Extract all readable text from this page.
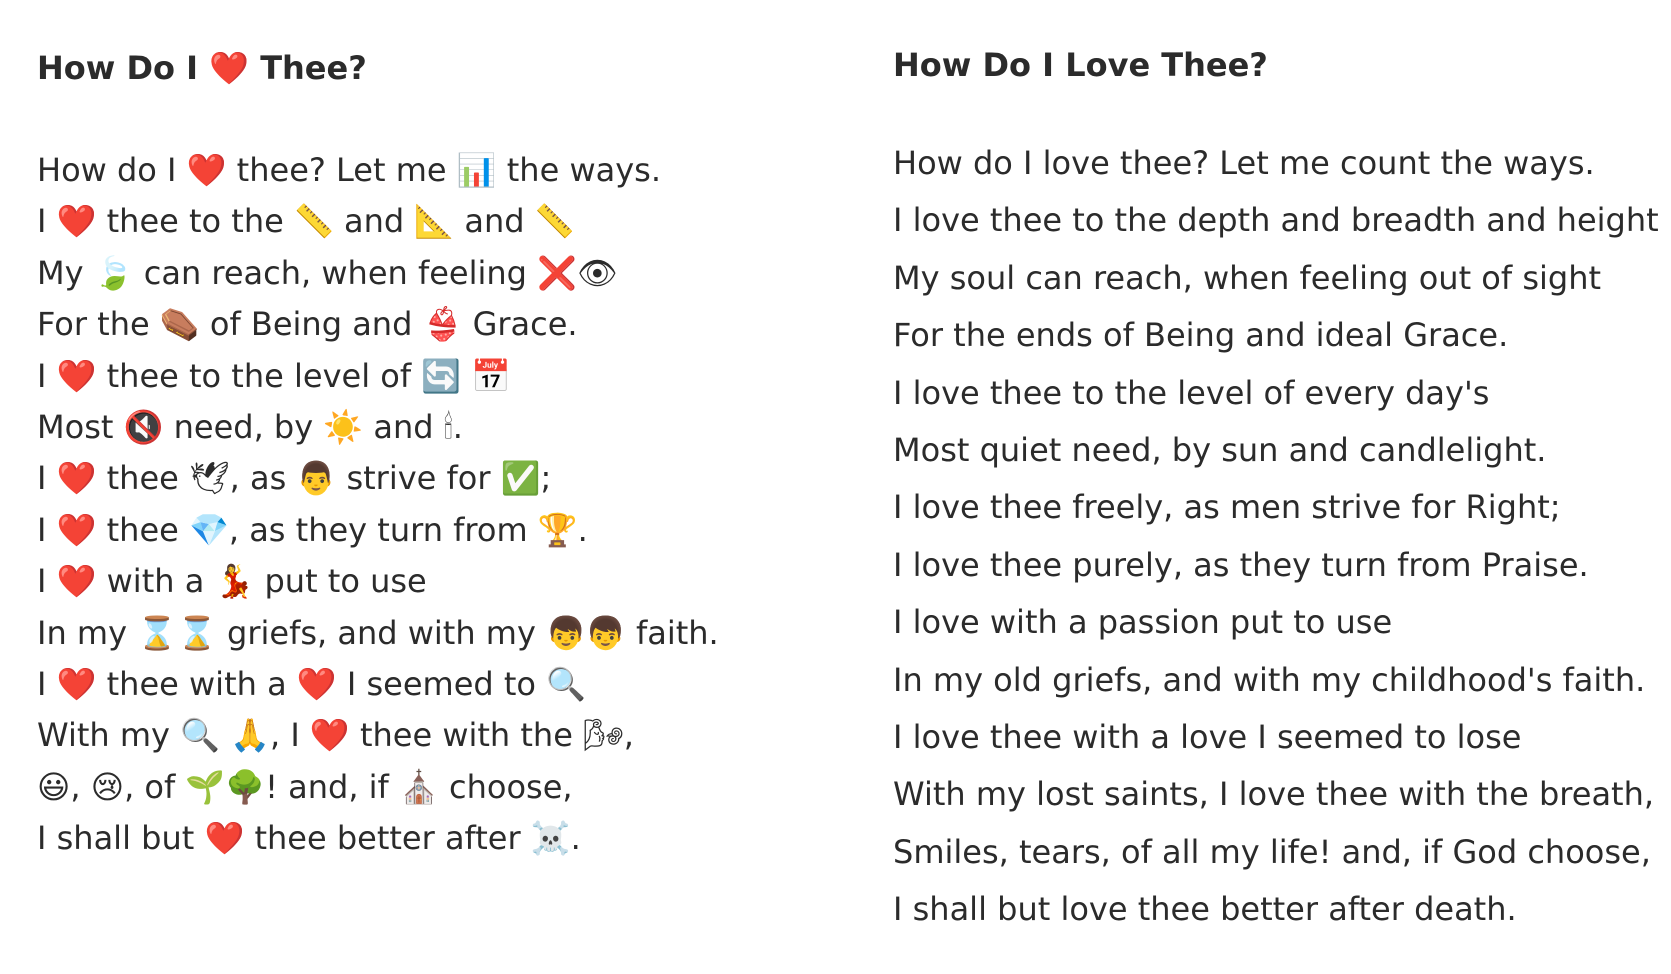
How Do I ❤️ Thee?
How do I ❤️ thee? Let me 📊 the ways.
I ❤️ thee to the 📏 and 📐 and 📏
My 🍃 can reach, when feeling ❌👁
For the ⚰️ of Being and 👙 Grace.
I ❤️ thee to the level of 🔄 📅
Most 🔇 need, by ☀️ and 🕯.
I ❤️ thee 🕊, as 👨 strive for ✅;
I ❤️ thee 💎, as they turn from 🏆.
I ❤️ with a 💃 put to use
In my ⌛⌛ griefs, and with my 👦👦 faith.
I ❤️ thee with a ❤️ I seemed to 🔍
With my 🔍 🙏, I ❤️ thee with the 🌬,
😃, 😢, of 🌱🌳! and, if ⛪ choose,
I shall but ❤️ thee better after ☠️.
How Do I Love Thee?
How do I love thee? Let me count the ways.
I love thee to the depth and breadth and height
My soul can reach, when feeling out of sight
For the ends of Being and ideal Grace.
I love thee to the level of every day's
Most quiet need, by sun and candlelight.
I love thee freely, as men strive for Right;
I love thee purely, as they turn from Praise.
I love with a passion put to use
In my old griefs, and with my childhood's faith.
I love thee with a love I seemed to lose
With my lost saints, I love thee with the breath,
Smiles, tears, of all my life! and, if God choose,
I shall but love thee better after death.
